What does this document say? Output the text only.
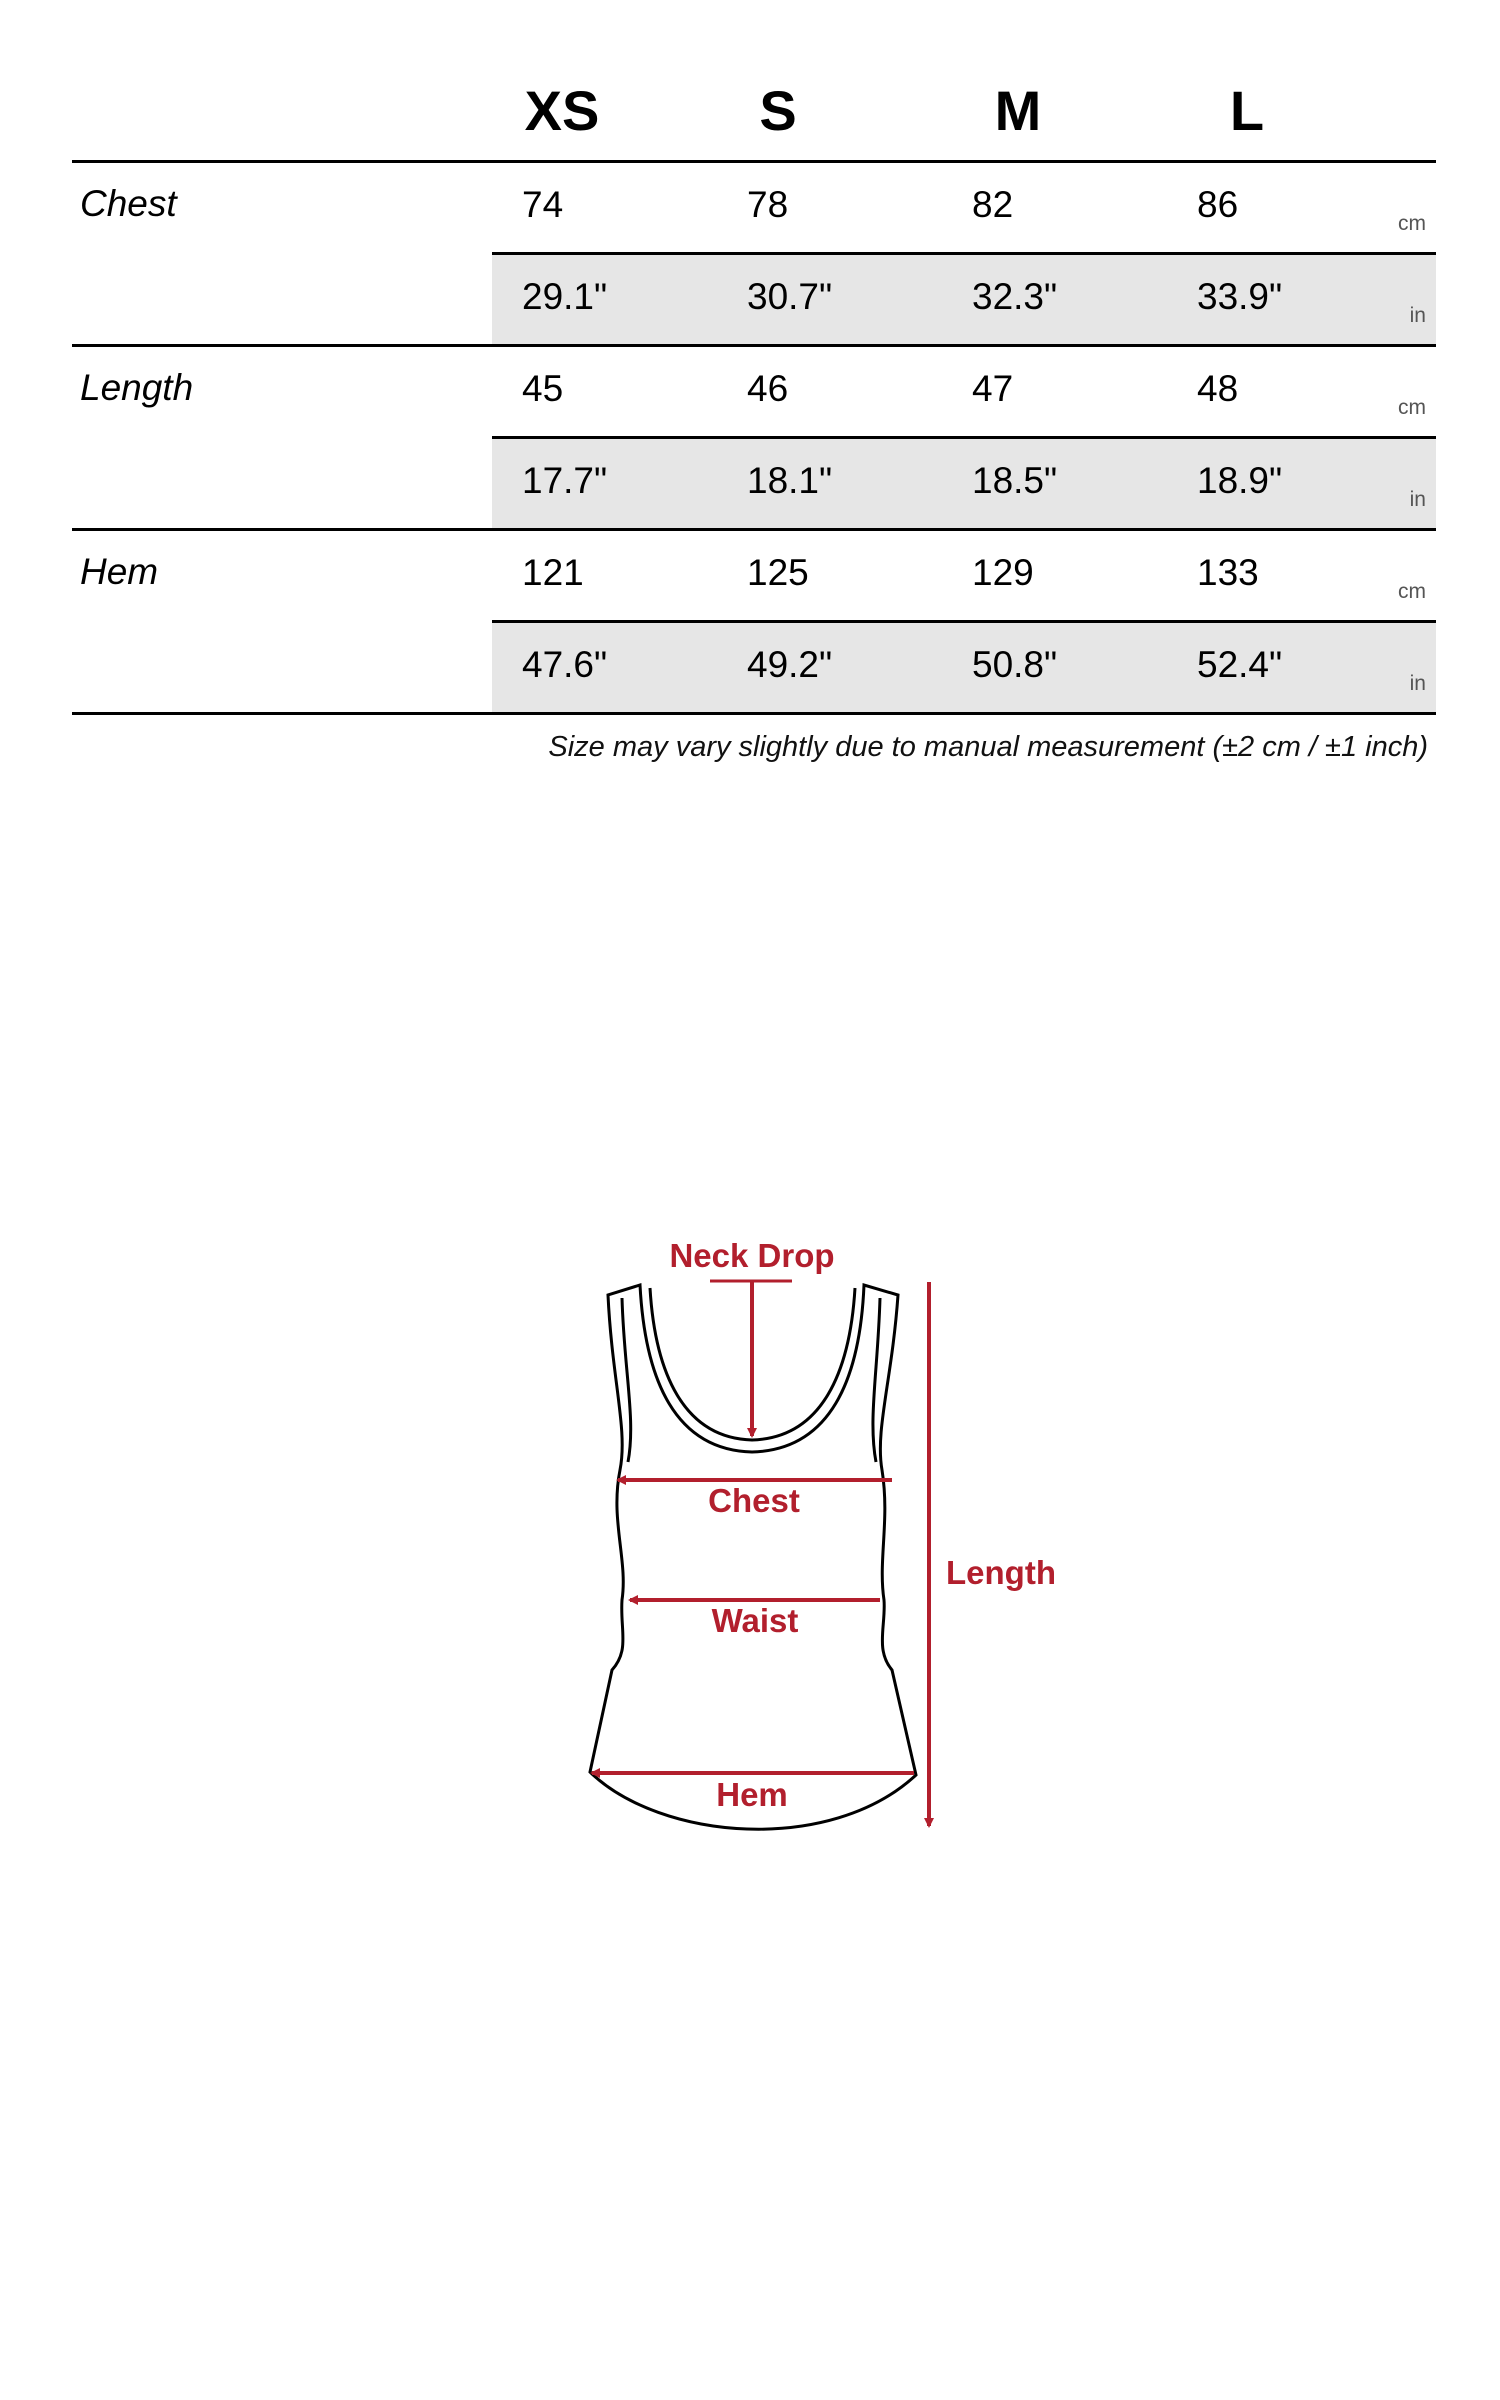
XS	S	M	L
Chest	74	78	82	86	cm
29.1"	30.7"	32.3"	33.9"	in
Length	45	46	47	48	cm
17.7"	18.1"	18.5"	18.9"	in
Hem	121	125	129	133	cm
47.6"	49.2"	50.8"	52.4"	in
Size may vary slightly due to manual measurement (±2 cm / ±1 inch)
Neck Drop
Chest
Waist
Hem
Length
